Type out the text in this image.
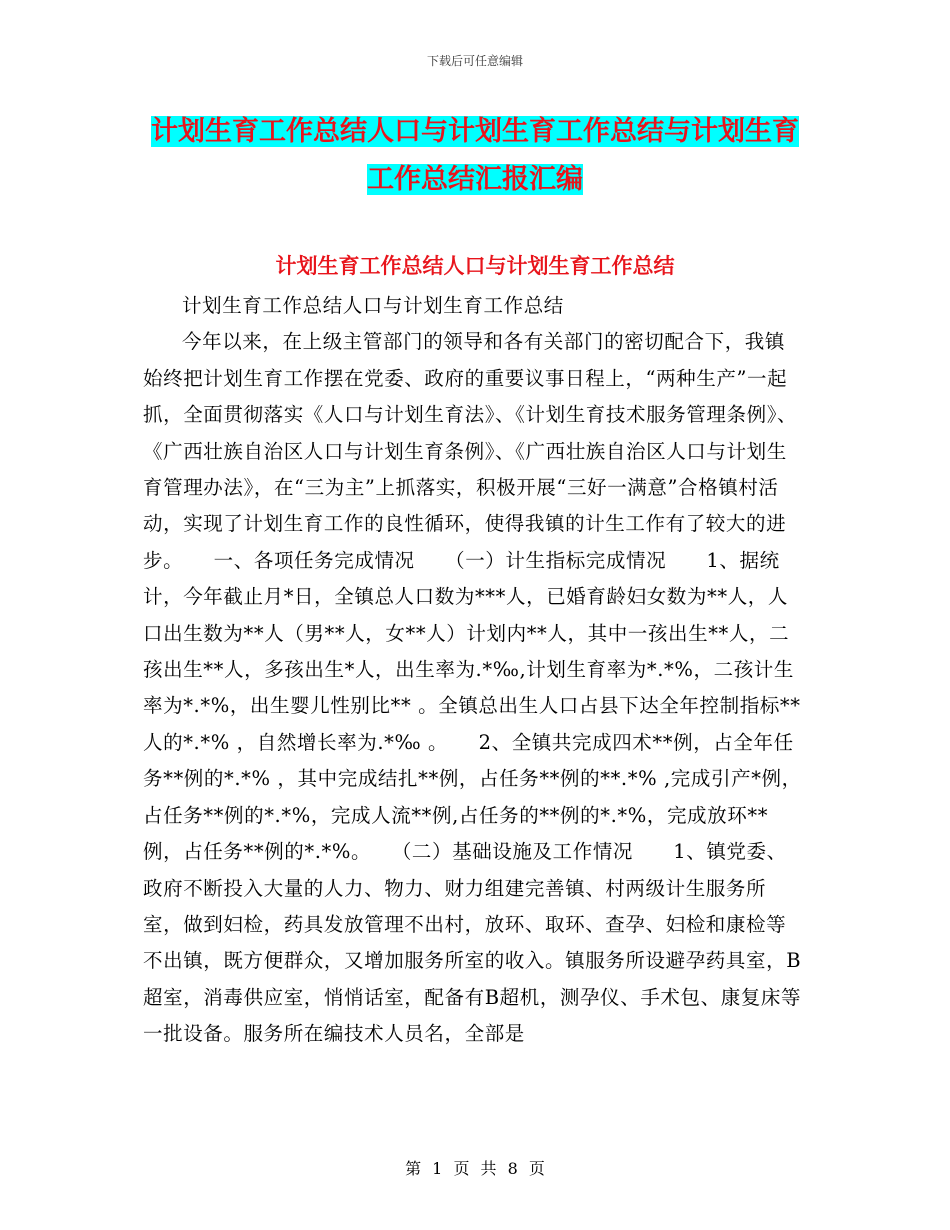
下载后可任意编辑
计划生育工作总结人口与计划生育工作总结与计划生育工作总结汇报汇编
计划生育工作总结人口与计划生育工作总结

计划生育工作总结人口与计划生育工作总结

今年以来，在上级主管部门的领导和各有关部门的密切配合下，我镇始终把计划生育工作摆在党委、政府的重要议事日程上，“两种生产”一起抓，全面贯彻落实《人口与计划生育法》、《计划生育技术服务管理条例》、《广西壮族自治区人口与计划生育条例》、《广西壮族自治区人口与计划生育管理办法》，在“三为主”上抓落实，积极开展“三好一满意”合格镇村活动，实现了计划生育工作的良性循环，使得我镇的计生工作有了较大的进步。　　一、各项任务完成情况　　（一）计生指标完成情况　　1、据统计，今年截止月*日，全镇总人口数为***人，已婚育龄妇女数为**人，人口出生数为**人（男**人，女**人）计划内**人，其中一孩出生**人，二孩出生**人，多孩出生*人，出生率为.*‰,计划生育率为*.*%，二孩计生率为*.*%，出生婴儿性别比** 。全镇总出生人口占县下达全年控制指标**人的*.*% ，自然增长率为.*‰ 。　　2、全镇共完成四术**例，占全年任务**例的*.*% ，其中完成结扎**例，占任务**例的**.*% ,完成引产*例，占任务**例的*.*%，完成人流**例,占任务的**例的*.*%，完成放环**例，占任务**例的*.*%。　　（二）基础设施及工作情况　　1、镇党委、政府不断投入大量的人力、物力、财力组建完善镇、村两级计生服务所室，做到妇检，药具发放管理不出村，放环、取环、查孕、妇检和康检等不出镇，既方便群众，又增加服务所室的收入。镇服务所设避孕药具室，B 超室，消毒供应室，悄悄话室，配备有B超机，测孕仪、手术包、康复床等一批设备。服务所在编技术人员名，全部是

第 1 页 共 8 页
